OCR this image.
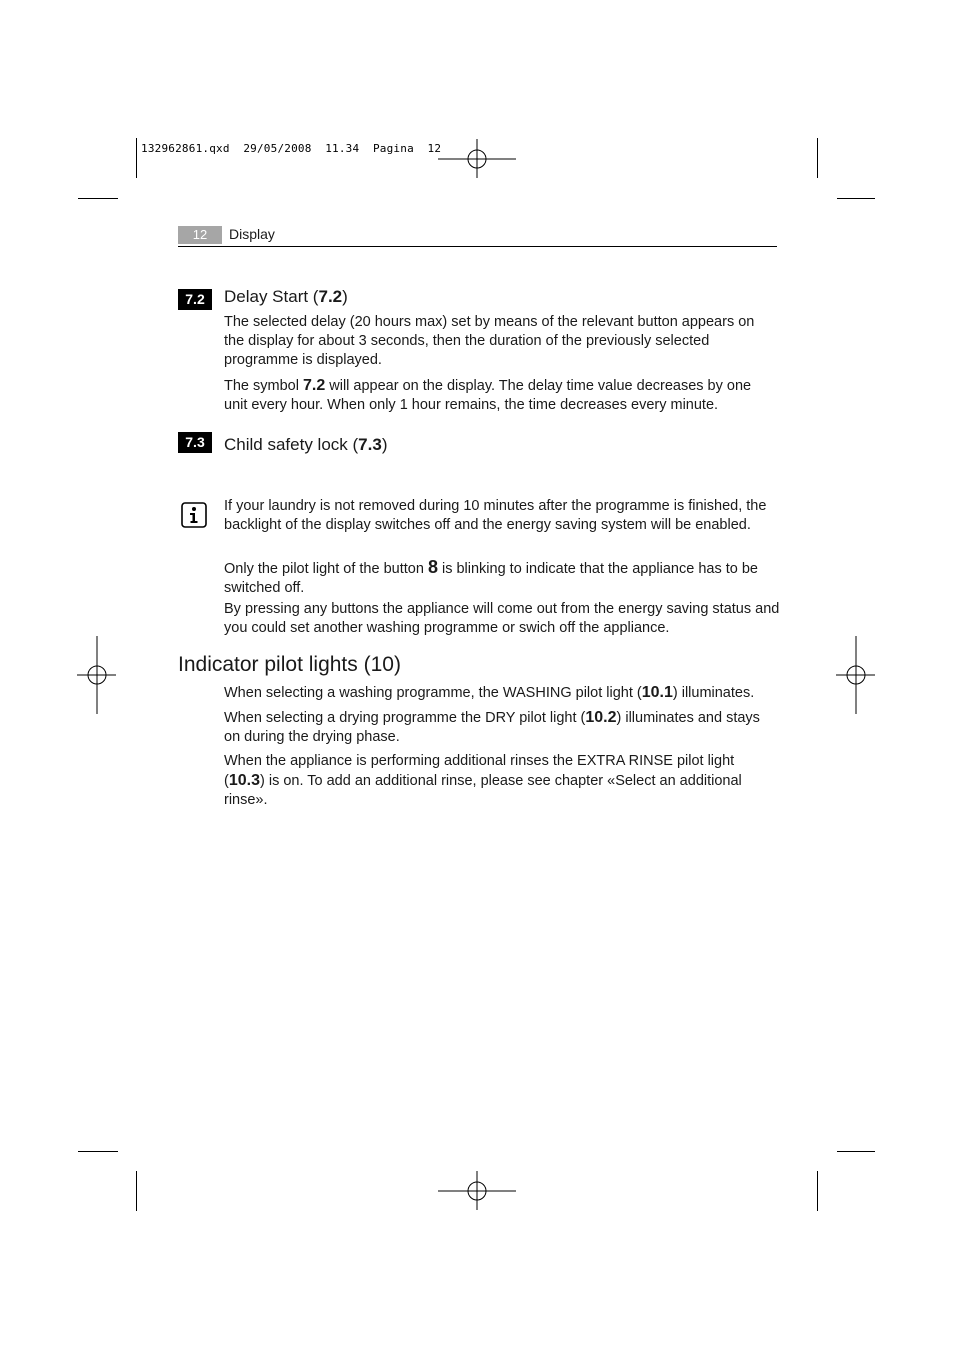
132962861.qxd  29/05/2008  11.34  Pagina  12
12	Display
7.2	Delay Start (7.2)

The selected delay (20 hours max) set by means of the relevant button appears on the display for about 3 seconds, then the duration of the previously selected programme is displayed.

The symbol 7.2 will appear on the display. The delay time value decreases by one unit every hour. When only 1 hour remains, the time decreases every minute.

7.3	Child safety lock (7.3)

If your laundry is not removed during 10 minutes after the programme is finished, the backlight of the display switches off and the energy saving system will be enabled.

Only the pilot light of the button 8 is blinking to indicate that the appliance has to be switched off.

By pressing any buttons the appliance will come out from the energy saving status and you could set another washing programme or swich off the appliance.

Indicator pilot lights (10)

When selecting a washing programme, the WASHING pilot light (10.1) illuminates.

When selecting a drying programme the DRY pilot light (10.2) illuminates and stays on during the drying phase.

When the appliance is performing additional rinses the EXTRA RINSE pilot light (10.3) is on. To add an additional rinse, please see chapter «Select an additional rinse».
